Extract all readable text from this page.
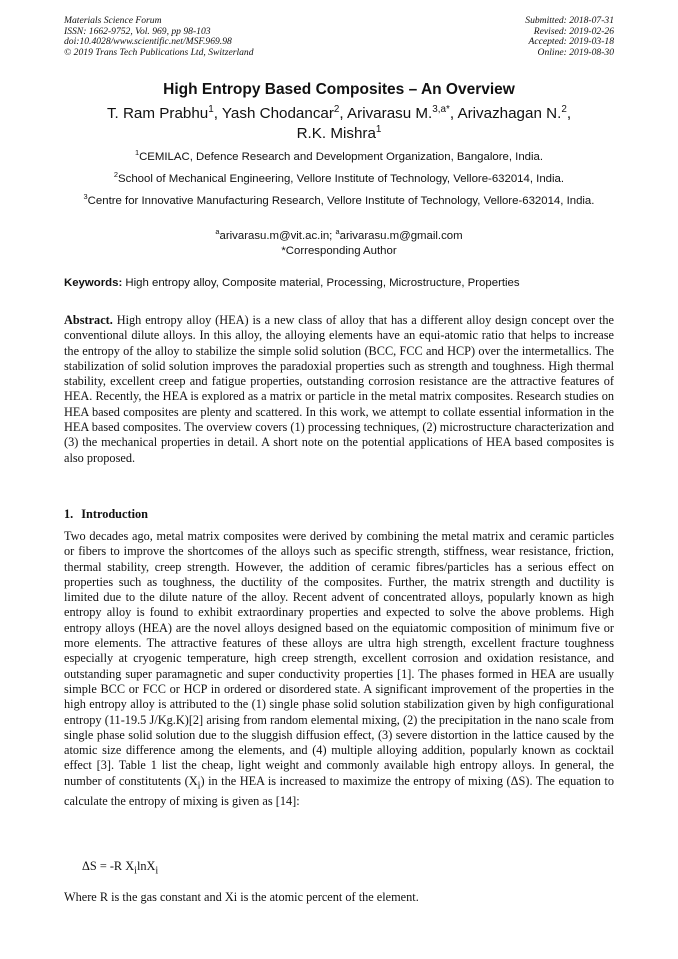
Materials Science Forum
ISSN: 1662-9752, Vol. 969, pp 98-103
doi:10.4028/www.scientific.net/MSF.969.98
© 2019 Trans Tech Publications Ltd, Switzerland
Submitted: 2018-07-31
Revised: 2019-02-26
Accepted: 2019-03-18
Online: 2019-08-30
High Entropy Based Composites – An Overview
T. Ram Prabhu$^1$, Yash Chodancar$^2$, Arivarasu M.$^{3,a*}$, Arivazhagan N.$^2$,
R.K. Mishra$^1$
$^1$CEMILAC, Defence Research and Development Organization, Bangalore, India.
$^2$School of Mechanical Engineering, Vellore Institute of Technology, Vellore-632014, India.
$^3$Centre for Innovative Manufacturing Research, Vellore Institute of Technology, Vellore-632014, India.
$^a$arivarasu.m@vit.ac.in; $^a$arivarasu.m@gmail.com
*Corresponding Author
Keywords: High entropy alloy, Composite material, Processing, Microstructure, Properties
Abstract. High entropy alloy (HEA) is a new class of alloy that has a different alloy design concept over the conventional dilute alloys. In this alloy, the alloying elements have an equi-atomic ratio that helps to increase the entropy of the alloy to stabilize the simple solid solution (BCC, FCC and HCP) over the intermetallics. The stabilization of solid solution improves the paradoxial properties such as strength and toughness. High thermal stability, excellent creep and fatigue properties, outstanding corrosion resistance are the attractive features of HEA. Recently, the HEA is explored as a matrix or particle in the metal matrix composites. Research studies on HEA based composites are plenty and scattered. In this work, we attempt to collate essential information in the HEA based composites. The overview covers (1) processing techniques, (2) microstructure characterization and (3) the mechanical properties in detail. A short note on the potential applications of HEA based composites is also proposed.
1. Introduction
Two decades ago, metal matrix composites were derived by combining the metal matrix and ceramic particles or fibers to improve the shortcomes of the alloys such as specific strength, stiffness, wear resistance, friction, thermal stability, creep strength. However, the addition of ceramic fibres/particles has a serious effect on properties such as toughness, the ductility of the composites. Further, the matrix strength and ductility is limited due to the dilute nature of the alloy. Recent advent of concentrated alloys, popularly known as high entropy alloy is found to exhibit extraordinary properties and expected to solve the above problems. High entropy alloys (HEA) are the novel alloys designed based on the equiatomic composition of minimum five or more elements. The attractive features of these alloys are ultra high strength, excellent fracture toughness especially at cryogenic temperature, high creep strength, excellent corrosion and oxidation resistance, and outstanding super paramagnetic and super conductivity properties [1]. The phases formed in HEA are usually simple BCC or FCC or HCP in ordered or disordered state. A significant improvement of the properties in the high entropy alloy is attributed to the (1) single phase solid solution stabilization given by high configurational entropy (11-19.5 J/Kg.K)[2] arising from random elemental mixing, (2) the precipitation in the nano scale from single phase solid solution due to the sluggish diffusion effect, (3) severe distortion in the lattice caused by the atomic size difference among the elements, and (4) multiple alloying addition, popularly known as cocktail effect [3]. Table 1 list the cheap, light weight and commonly available high entropy alloys. In general, the number of constitutents $(X_i)$ in the HEA is increased to maximize the entropy of mixing (ΔS). The equation to calculate the entropy of mixing is given as [14]:
ΔS = -R $X_i\ln X_i$
Where R is the gas constant and Xi is the atomic percent of the element.
